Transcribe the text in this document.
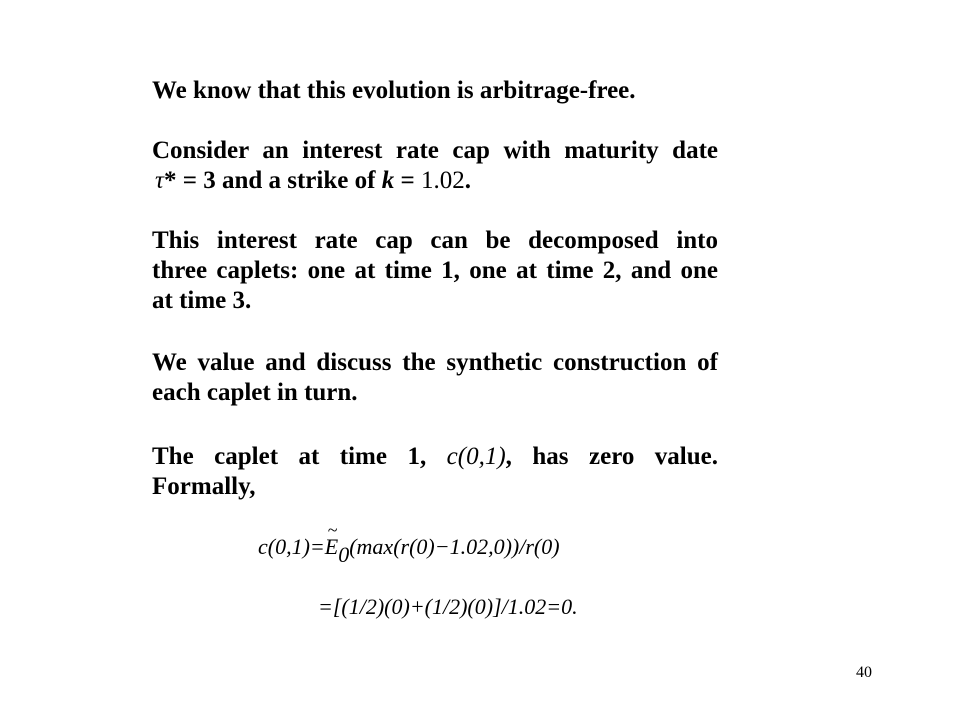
We know that this evolution is arbitrage-free.
Consider an interest rate cap with maturity date
τ* = 3 and a strike of k = 1.02.
This interest rate cap can be decomposed into
three caplets: one at time 1, one at time 2, and one
at time 3.
We value and discuss the synthetic construction of
each caplet in turn.
The caplet at time 1, c(0,1), has zero value.
Formally,
c(0,1)=~ E0(max(r(0)−1.02,0))/r(0)
=[(1/2)(0)+(1/2)(0)]/1.02=0.
40
